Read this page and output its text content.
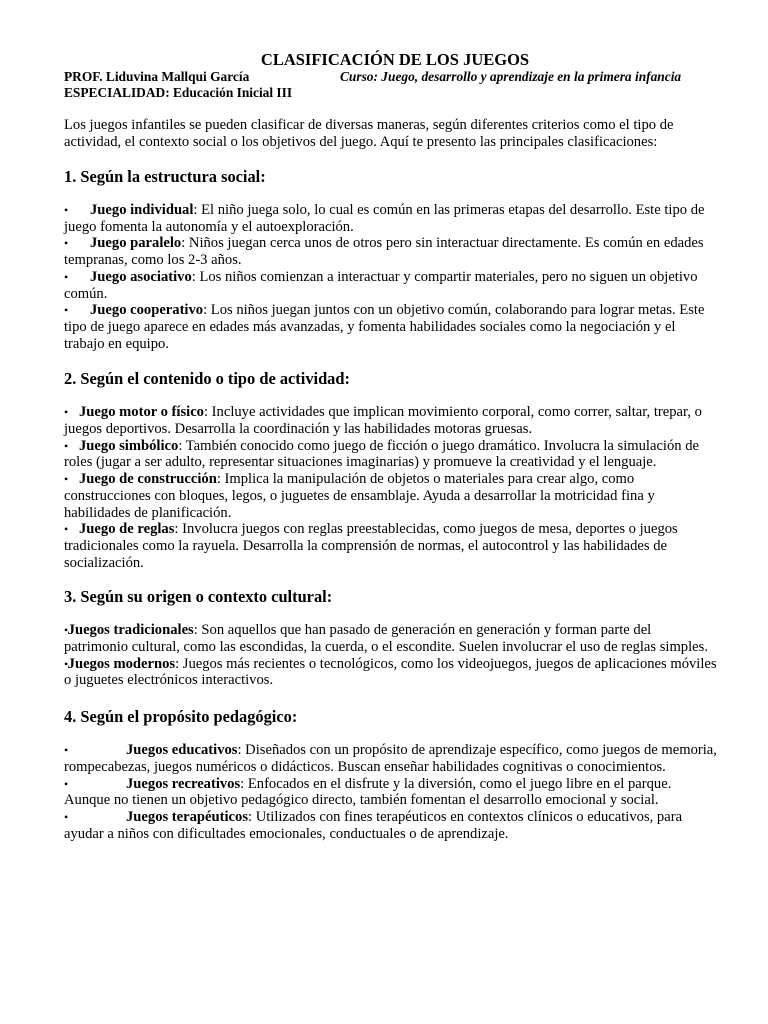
CLASIFICACIÓN DE LOS JUEGOS
PROF. Liduvina Mallqui García	Curso: Juego, desarrollo y aprendizaje en la primera infancia
ESPECIALIDAD: Educación Inicial III

Los juegos infantiles se pueden clasificar de diversas maneras, según diferentes criterios como el tipo de actividad, el contexto social o los objetivos del juego. Aquí te presento las principales clasificaciones:

1. Según la estructura social:
• Juego individual: El niño juega solo, lo cual es común en las primeras etapas del desarrollo. Este tipo de juego fomenta la autonomía y el autoexploración.
• Juego paralelo: Niños juegan cerca unos de otros pero sin interactuar directamente. Es común en edades tempranas, como los 2-3 años.
• Juego asociativo: Los niños comienzan a interactuar y compartir materiales, pero no siguen un objetivo común.
• Juego cooperativo: Los niños juegan juntos con un objetivo común, colaborando para lograr metas. Este tipo de juego aparece en edades más avanzadas, y fomenta habilidades sociales como la negociación y el trabajo en equipo.
2. Según el contenido o tipo de actividad:
• Juego motor o físico: Incluye actividades que implican movimiento corporal, como correr, saltar, trepar, o juegos deportivos. Desarrolla la coordinación y las habilidades motoras gruesas.
• Juego simbólico: También conocido como juego de ficción o juego dramático. Involucra la simulación de roles (jugar a ser adulto, representar situaciones imaginarias) y promueve la creatividad y el lenguaje.
• Juego de construcción: Implica la manipulación de objetos o materiales para crear algo, como construcciones con bloques, legos, o juguetes de ensamblaje. Ayuda a desarrollar la motricidad fina y habilidades de planificación.
• Juego de reglas: Involucra juegos con reglas preestablecidas, como juegos de mesa, deportes o juegos tradicionales como la rayuela. Desarrolla la comprensión de normas, el autocontrol y las habilidades de socialización.
3. Según su origen o contexto cultural:
• Juegos tradicionales: Son aquellos que han pasado de generación en generación y forman parte del patrimonio cultural, como las escondidas, la cuerda, o el escondite. Suelen involucrar el uso de reglas simples.
• Juegos modernos: Juegos más recientes o tecnológicos, como los videojuegos, juegos de aplicaciones móviles o juguetes electrónicos interactivos.
4. Según el propósito pedagógico:
•	Juegos educativos: Diseñados con un propósito de aprendizaje específico, como juegos de memoria, rompecabezas, juegos numéricos o didácticos. Buscan enseñar habilidades cognitivas o conocimientos.
•	Juegos recreativos: Enfocados en el disfrute y la diversión, como el juego libre en el parque. Aunque no tienen un objetivo pedagógico directo, también fomentan el desarrollo emocional y social.
•	Juegos terapéuticos: Utilizados con fines terapéuticos en contextos clínicos o educativos, para ayudar a niños con dificultades emocionales, conductuales o de aprendizaje.
